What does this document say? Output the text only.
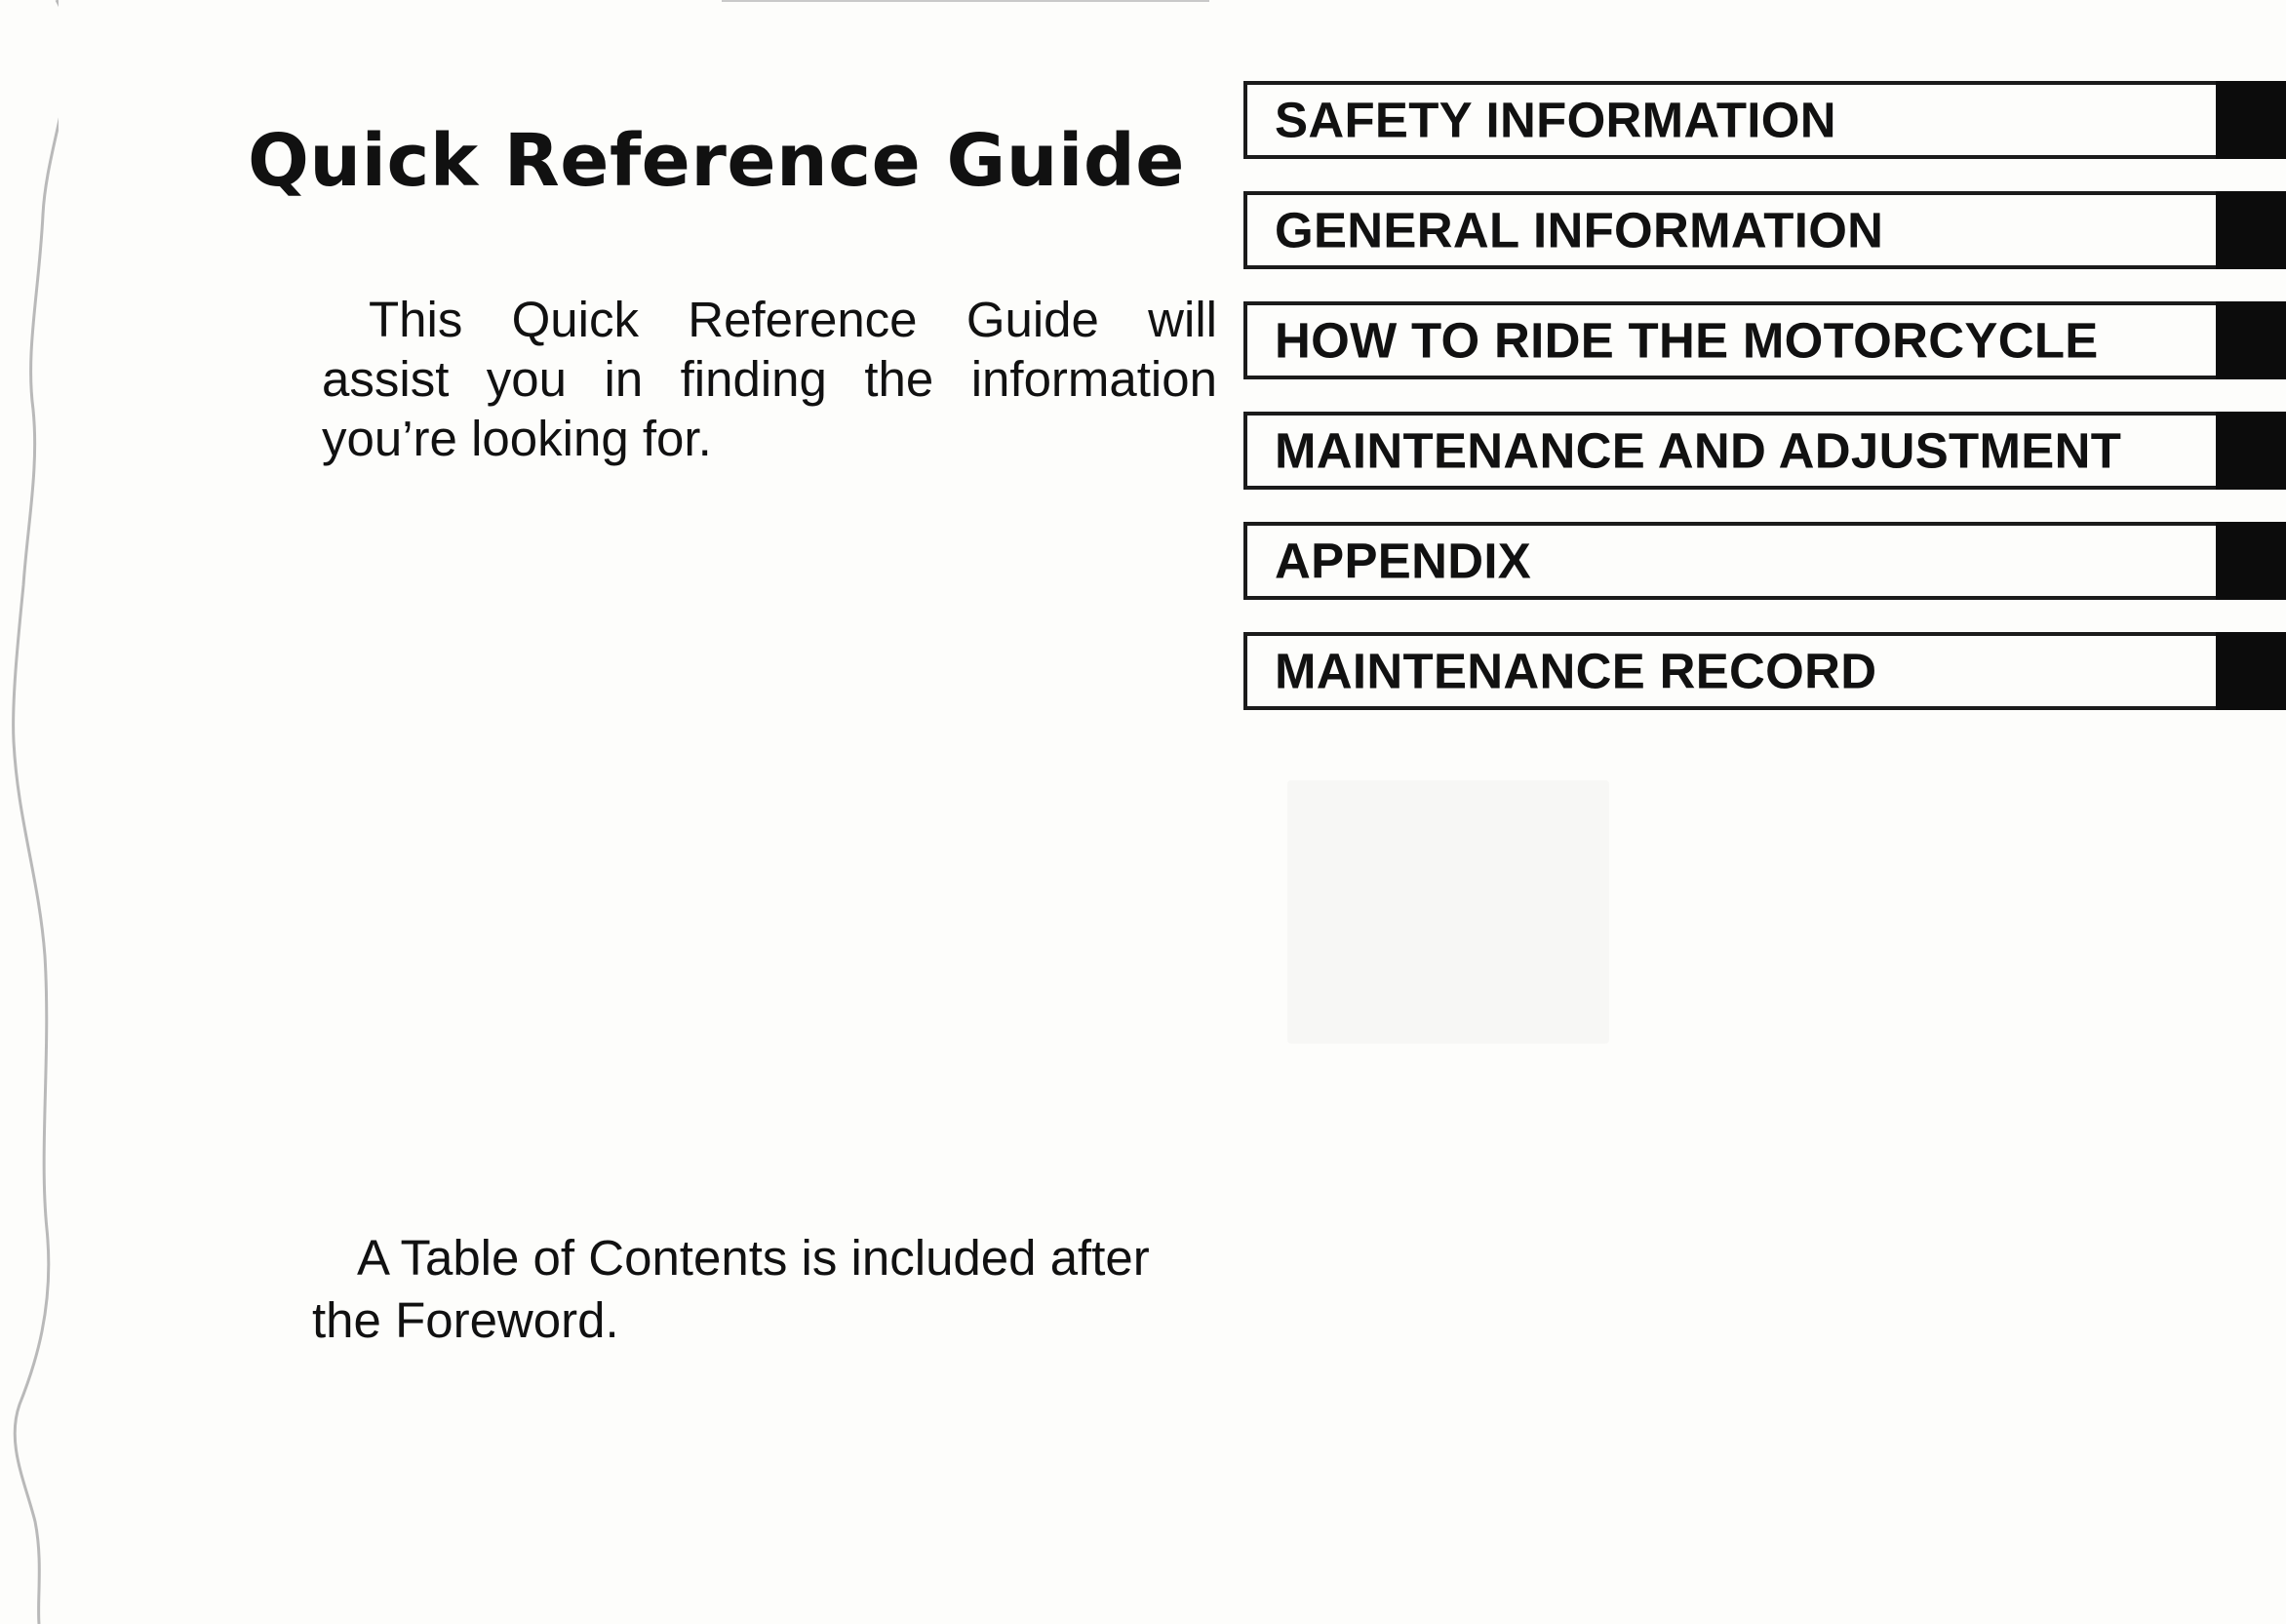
Quick Reference Guide

This Quick Reference Guide will assist you in finding the information you’re looking for.

SAFETY INFORMATION
GENERAL INFORMATION
HOW TO RIDE THE MOTORCYCLE
MAINTENANCE AND ADJUSTMENT
APPENDIX
MAINTENANCE RECORD

A Table of Contents is included after the Foreword.
